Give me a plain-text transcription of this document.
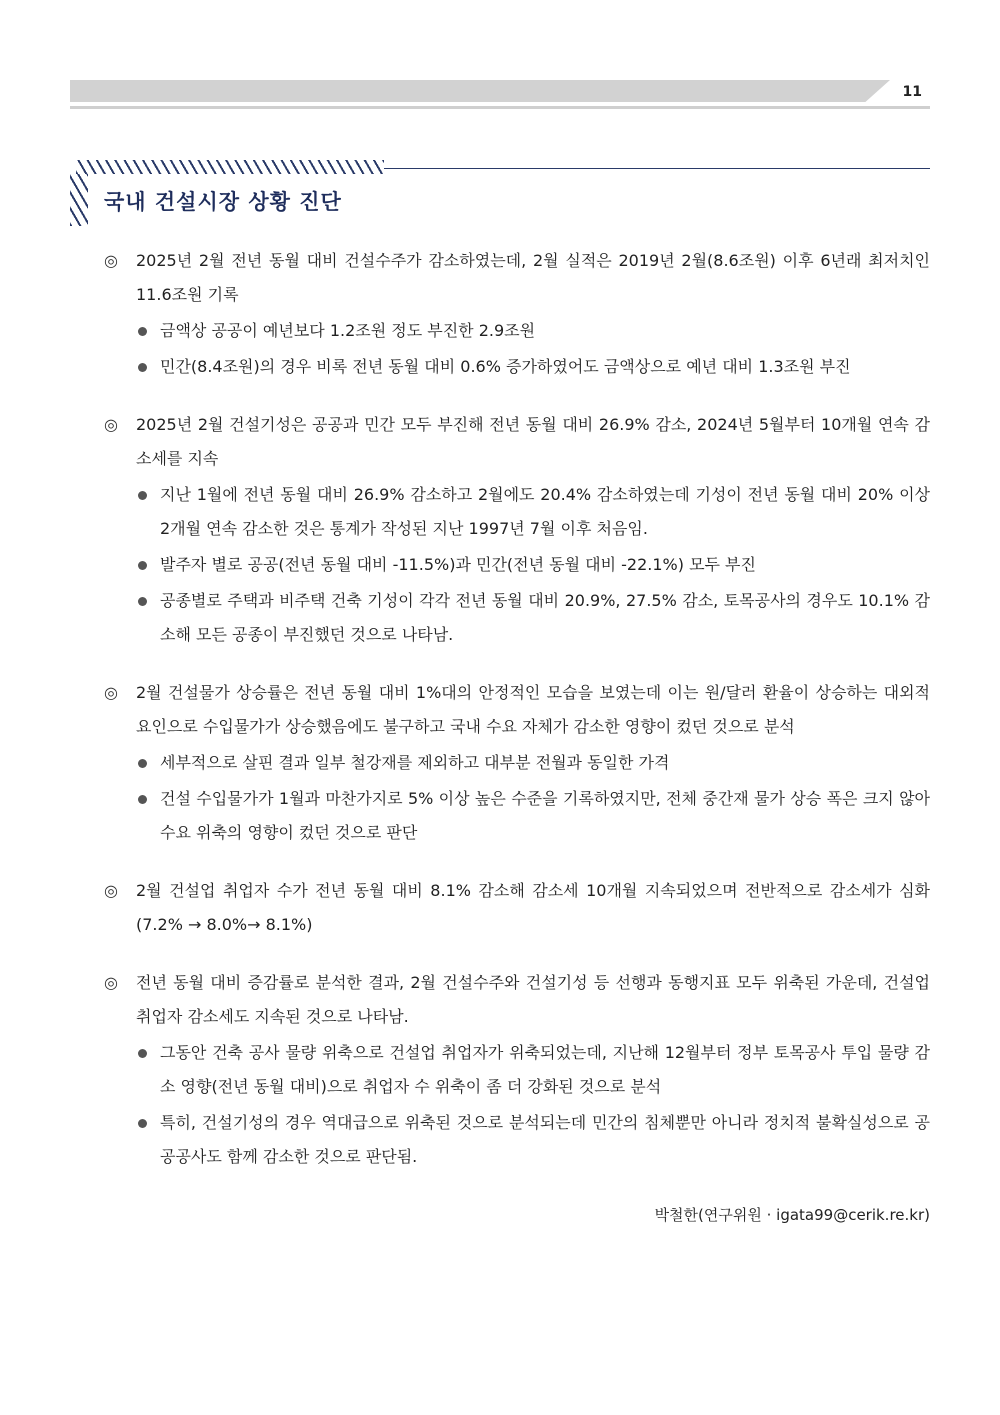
11
국내 건설시장 상황 진단
◎ 2025년 2월 전년 동월 대비 건설수주가 감소하였는데, 2월 실적은 2019년 2월(8.6조원) 이후 6년래 최저치인 11.6조원 기록
금액상 공공이 예년보다 1.2조원 정도 부진한 2.9조원
민간(8.4조원)의 경우 비록 전년 동월 대비 0.6% 증가하였어도 금액상으로 예년 대비 1.3조원 부진
◎ 2025년 2월 건설기성은 공공과 민간 모두 부진해 전년 동월 대비 26.9% 감소, 2024년 5월부터 10개월 연속 감소세를 지속
지난 1월에 전년 동월 대비 26.9% 감소하고 2월에도 20.4% 감소하였는데 기성이 전년 동월 대비 20% 이상 2개월 연속 감소한 것은 통계가 작성된 지난 1997년 7월 이후 처음임.
발주자 별로 공공(전년 동월 대비 -11.5%)과 민간(전년 동월 대비 -22.1%) 모두 부진
공종별로 주택과 비주택 건축 기성이 각각 전년 동월 대비 20.9%, 27.5% 감소, 토목공사의 경우도 10.1% 감소해 모든 공종이 부진했던 것으로 나타남.
◎ 2월 건설물가 상승률은 전년 동월 대비 1%대의 안정적인 모습을 보였는데 이는 원/달러 환율이 상승하는 대외적 요인으로 수입물가가 상승했음에도 불구하고 국내 수요 자체가 감소한 영향이 컸던 것으로 분석
세부적으로 살핀 결과 일부 철강재를 제외하고 대부분 전월과 동일한 가격
건설 수입물가가 1월과 마찬가지로 5% 이상 높은 수준을 기록하였지만, 전체 중간재 물가 상승 폭은 크지 않아 수요 위축의 영향이 컸던 것으로 판단
◎ 2월 건설업 취업자 수가 전년 동월 대비 8.1% 감소해 감소세 10개월 지속되었으며 전반적으로 감소세가 심화(7.2% → 8.0%→ 8.1%)
◎ 전년 동월 대비 증감률로 분석한 결과, 2월 건설수주와 건설기성 등 선행과 동행지표 모두 위축된 가운데, 건설업 취업자 감소세도 지속된 것으로 나타남.
그동안 건축 공사 물량 위축으로 건설업 취업자가 위축되었는데, 지난해 12월부터 정부 토목공사 투입 물량 감소 영향(전년 동월 대비)으로 취업자 수 위축이 좀 더 강화된 것으로 분석
특히, 건설기성의 경우 역대급으로 위축된 것으로 분석되는데 민간의 침체뿐만 아니라 정치적 불확실성으로 공공공사도 함께 감소한 것으로 판단됨.
박철한(연구위원 · igata99@cerik.re.kr)
